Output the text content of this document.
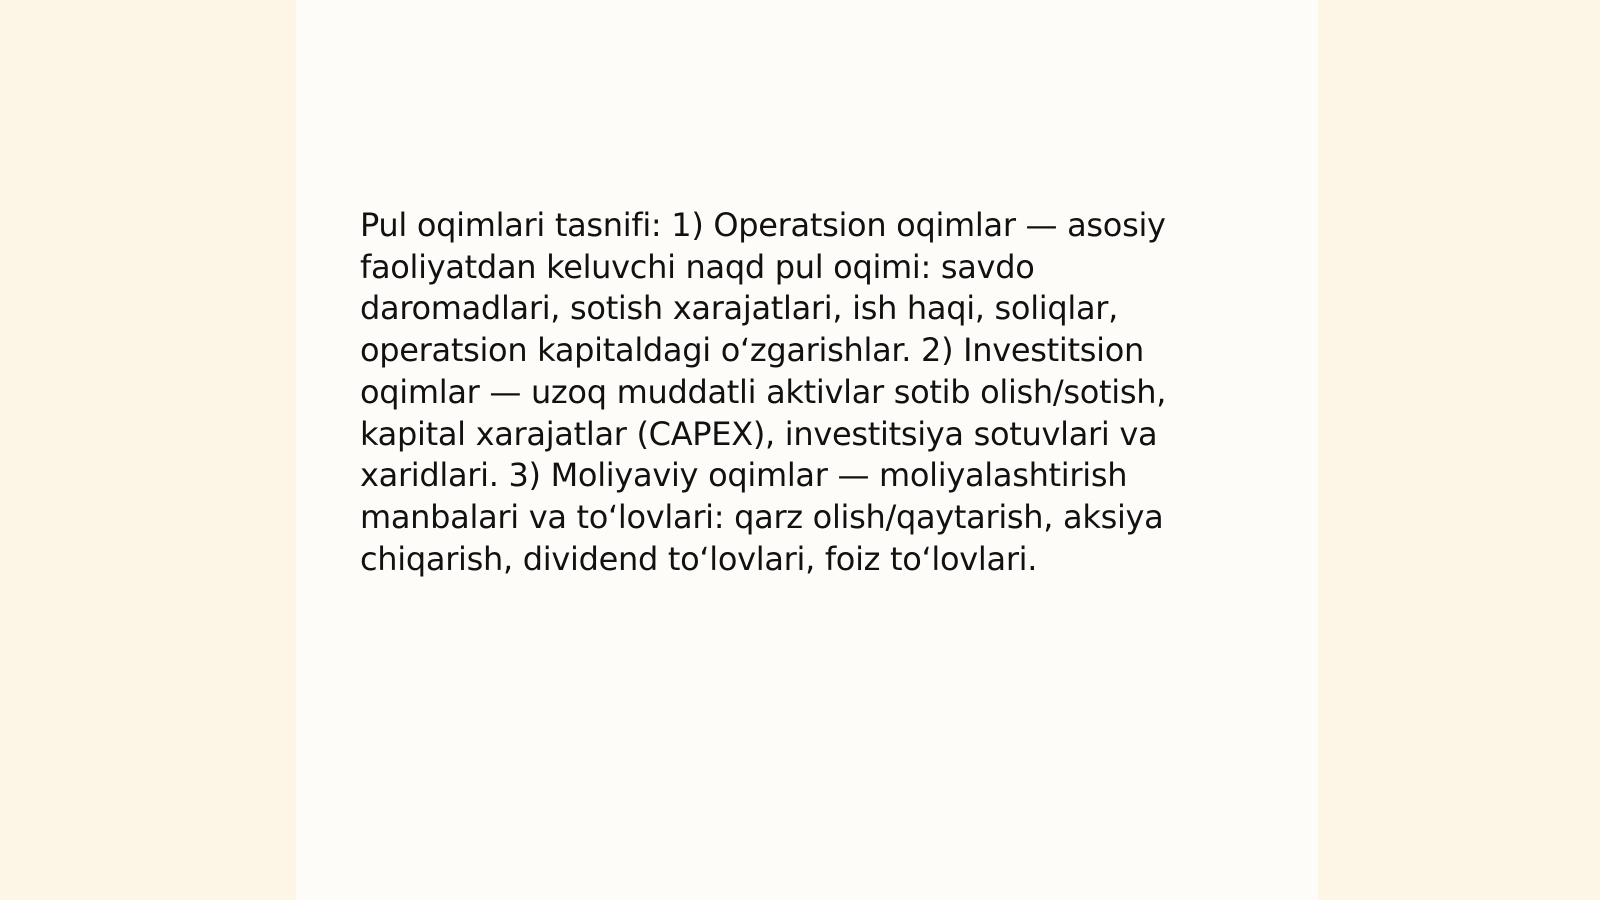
Pul oqimlari tasnifi: 1) Operatsion oqimlar — asosiy
faoliyatdan keluvchi naqd pul oqimi: savdo
daromadlari, sotish xarajatlari, ish haqi, soliqlar,
operatsion kapitaldagi o‘zgarishlar. 2) Investitsion
oqimlar — uzoq muddatli aktivlar sotib olish/sotish,
kapital xarajatlar (CAPEX), investitsiya sotuvlari va
xaridlari. 3) Moliyaviy oqimlar — moliyalashtirish
manbalari va to‘lovlari: qarz olish/qaytarish, aksiya
chiqarish, dividend to‘lovlari, foiz to‘lovlari.
